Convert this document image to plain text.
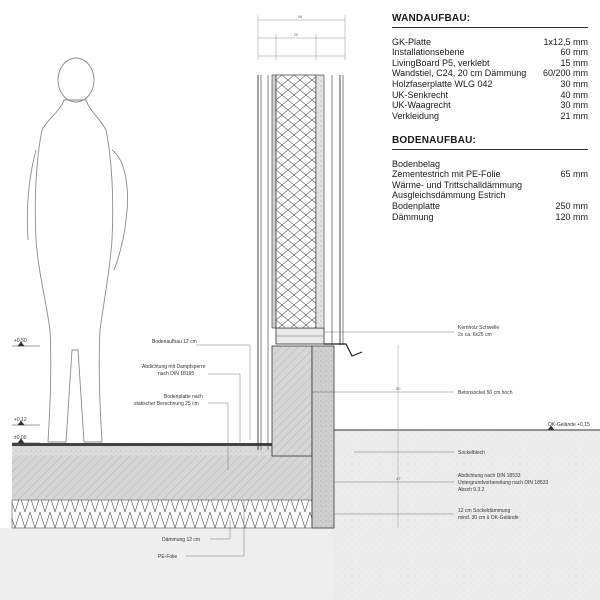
46
20
50
47
+0,50
+0,12
±0,00
OK-Gelände +0,15
Bodenaufbau 12 cm
Abdichtung mit Dampfsperre
nach DIN 18195
Bodenplatte nach
statischer Berechnung 25 cm
Dämmung 12 cm
PE-Folie
Kernholz Schwelle
2x ca. 6x25 cm
Betonsockel 50 cm hoch
Sockelblech
Abdichtung nach DIN 18533
Untergrundvorbereitung nach DIN 18533
Absch 9.3.2
12 cm Sockeldämmung
mind. 30 cm ü OK-Gelände
WANDAUFBAU:
GK-Platte	1x12,5 mm
Installationsebene	60 mm
LivingBoard P5, verklebt	15 mm
Wandstiel, C24, 20 cm Dämmung 60/200 mm
Holzfaserplatte WLG 042	30 mm
UK-Senkrecht	40 mm
UK-Waagrecht	30 mm
Verkleidung	21 mm
BODENAUFBAU:
Bodenbelag
Zementestrich mit PE-Folie	65 mm
Wärme- und Trittschalldämmung
Ausgleichsdämmung Estrich
Bodenplatte	250 mm
Dämmung	120 mm
